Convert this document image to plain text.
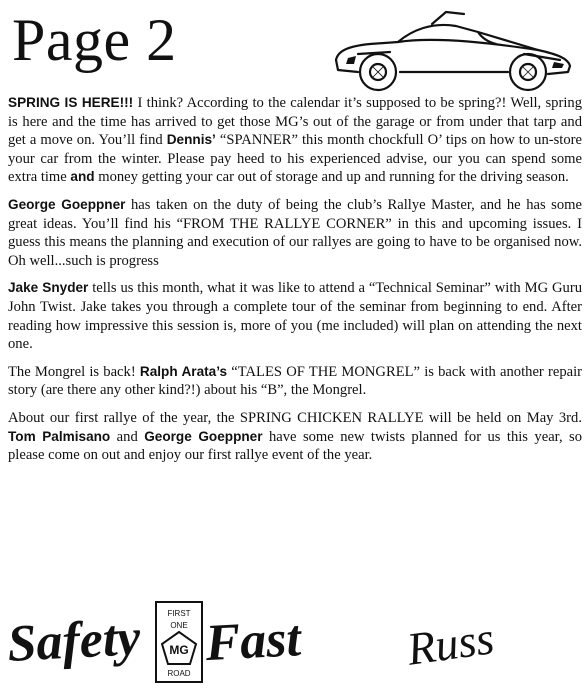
Page 2

SPRING IS HERE!!! I think? According to the calendar it’s supposed to be spring?! Well, spring is here and the time has arrived to get those MG’s out of the garage or from under that tarp and get a move on. You’ll find Dennis’ “SPANNER” this month chockfull O’ tips on how to un-store your car from the winter. Please pay heed to his experienced advise, our you can spend some extra time and money getting your car out of storage and up and running for the driving season.

George Goeppner has taken on the duty of being the club’s Rallye Master, and he has some great ideas. You’ll find his “FROM THE RALLYE CORNER” in this and upcoming issues. I guess this means the planning and execution of our rallyes are going to have to be organised now. Oh well...such is progress

Jake Snyder tells us this month, what it was like to attend a “Technical Seminar” with MG Guru John Twist. Jake takes you through a complete tour of the seminar from beginning to end. After reading how impressive this session is, more of you (me included) will plan on attending the next one.

The Mongrel is back! Ralph Arata’s “TALES OF THE MONGREL” is back with another repair story (are there any other kind?!) about his “B”, the Mongrel.

About our first rallye of the year, the SPRING CHICKEN RALLYE will be held on May 3rd. Tom Palmisano and George Goeppner have some new twists planned for us this year, so please come on out and enjoy our first rallye event of the year.

Safety	FIRST
ONE
MG
ROAD
Fast Russ
